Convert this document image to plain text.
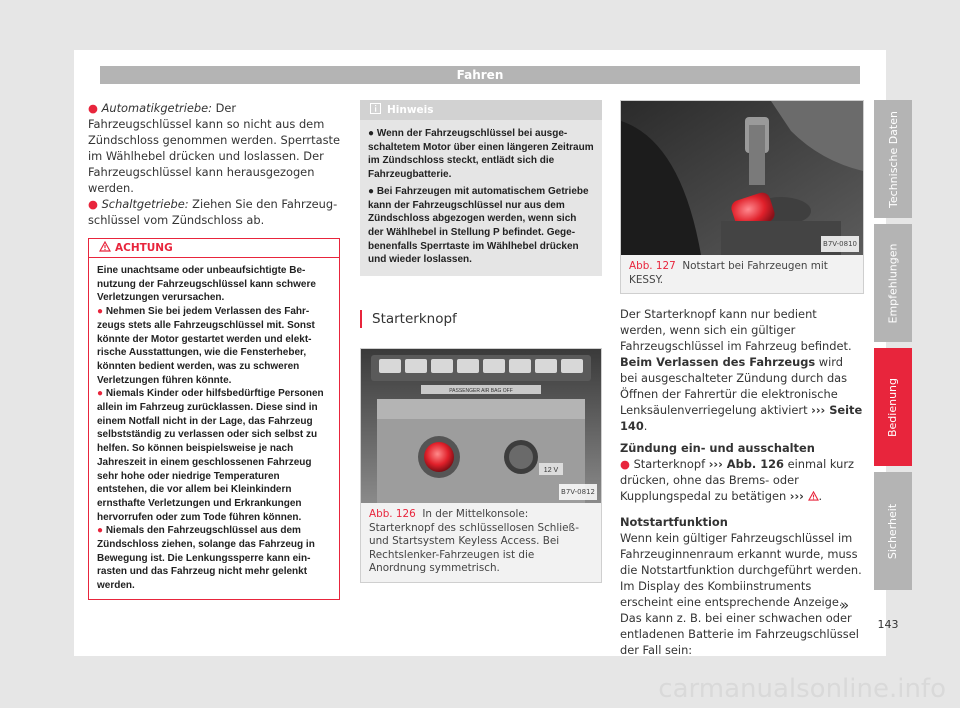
Fahren

● Automatikgetriebe: Der Fahrzeugschlüssel kann so nicht aus dem Zündschloss genommen werden. Sperrtaste im Wählhebel drücken und loslassen. Der Fahrzeugschlüssel kann herausgezogen werden.

● Schaltgetriebe: Ziehen Sie den Fahrzeugschlüssel vom Zündschloss ab.

ACHTUNG

Eine unachtsame oder unbeaufsichtigte Benutzung der Fahrzeugschlüssel kann schwere Verletzungen verursachen.

● Nehmen Sie bei jedem Verlassen des Fahrzeugs stets alle Fahrzeugschlüssel mit. Sonst könnte der Motor gestartet werden und elektrische Ausstattungen, wie die Fensterheber, könnten bedient werden, was zu schweren Verletzungen führen könnte.

● Niemals Kinder oder hilfsbedürftige Personen allein im Fahrzeug zurücklassen. Diese sind in einem Notfall nicht in der Lage, das Fahrzeug selbstständig zu verlassen oder sich selbst zu helfen. So können beispielsweise je nach Jahreszeit in einem geschlossenen Fahrzeug sehr hohe oder niedrige Temperaturen entstehen, die vor allem bei Kleinkindern ernsthafte Verletzungen und Erkrankungen hervorrufen oder zum Tode führen können.

● Niemals den Fahrzeugschlüssel aus dem Zündschloss ziehen, solange das Fahrzeug in Bewegung ist. Die Lenkungssperre kann einrasten und das Fahrzeug nicht mehr gelenkt werden.

Hinweis

● Wenn der Fahrzeugschlüssel bei ausgeschaltetem Motor über einen längeren Zeitraum im Zündschloss steckt, entlädt sich die Fahrzeugbatterie.

● Bei Fahrzeugen mit automatischem Getriebe kann der Fahrzeugschlüssel nur aus dem Zündschloss abgezogen werden, wenn sich der Wählhebel in Stellung P befindet. Gegebenenfalls Sperrtaste im Wählhebel drücken und wieder loslassen.

Starterknopf
PASSENGER AIR BAG OFF
12 V
B7V-0812
Abb. 126 In der Mittelkonsole: Starterknopf des schlüssellosen Schließ- und Startsystem Keyless Access. Bei Rechtslenker-Fahrzeugen ist die Anordnung symmetrisch.
B7V-0810
Abb. 127 Notstart bei Fahrzeugen mit KESSY.

Der Starterknopf kann nur bedient werden, wenn sich ein gültiger Fahrzeugschlüssel im Fahrzeug befindet.

Beim Verlassen des Fahrzeugs wird bei ausgeschalteter Zündung durch das Öffnen der Fahrertür die elektronische Lenksäulenverriegelung aktiviert ››› Seite 140.

Zündung ein- und ausschalten

● Starterknopf ››› Abb. 126 einmal kurz drücken, ohne das Brems- oder Kupplungspedal zu betätigen ››› .

Notstartfunktion

Wenn kein gültiger Fahrzeugschlüssel im Fahrzeuginnenraum erkannt wurde, muss die Notstartfunktion durchgeführt werden. Im Display des Kombiinstruments erscheint eine entsprechende Anzeige. Das kann z. B. bei einer schwachen oder entladenen Batterie im Fahrzeugschlüssel der Fall sein:

»
Technische Daten
Empfehlungen
Bedienung
Sicherheit
143
carmanualsonline.info
